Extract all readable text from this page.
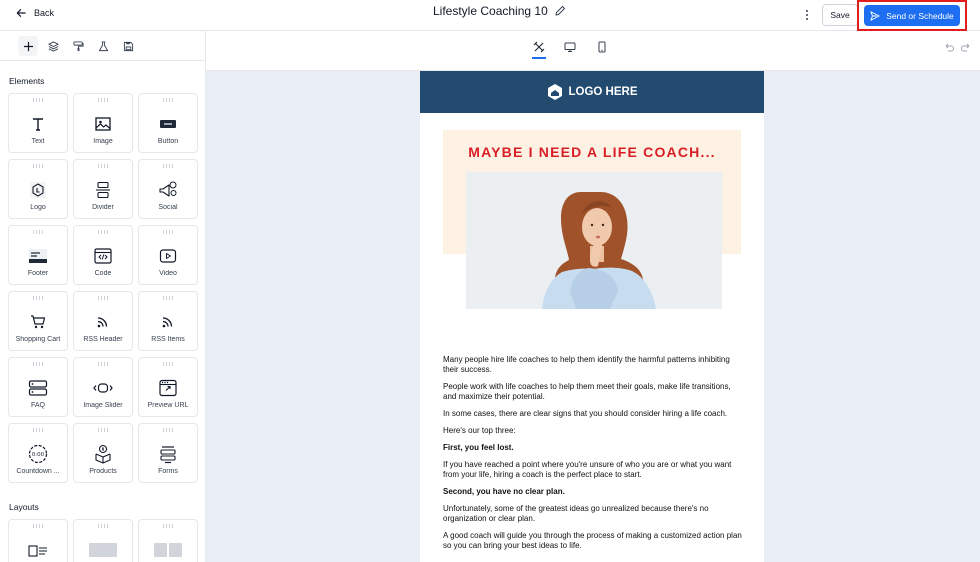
Back	Lifestyle Coaching 10	Save	Send or Schedule
Elements
Text	Image	Button
Logo	Divider	Social
Footer	Code	Video
Shopping Cart	RSS Header	RSS Items
FAQ	Image Slider	Preview URL
0:00
Countdown ...	Products	Forms
Layouts
LOGO HERE
MAYBE I NEED A LIFE COACH...

Many people hire life coaches to help them identify the harmful patterns inhibiting their success.

People work with life coaches to help them meet their goals, make life transitions, and maximize their potential.

In some cases, there are clear signs that you should consider hiring a life coach.

Here's our top three:

First, you feel lost.

If you have reached a point where you're unsure of who you are or what you want from your life, hiring a coach is the perfect place to start.

Second, you have no clear plan.

Unfortunately, some of the greatest ideas go unrealized because there's no organization or clear plan.

A good coach will guide you through the process of making a customized action plan so you can bring your best ideas to life.
